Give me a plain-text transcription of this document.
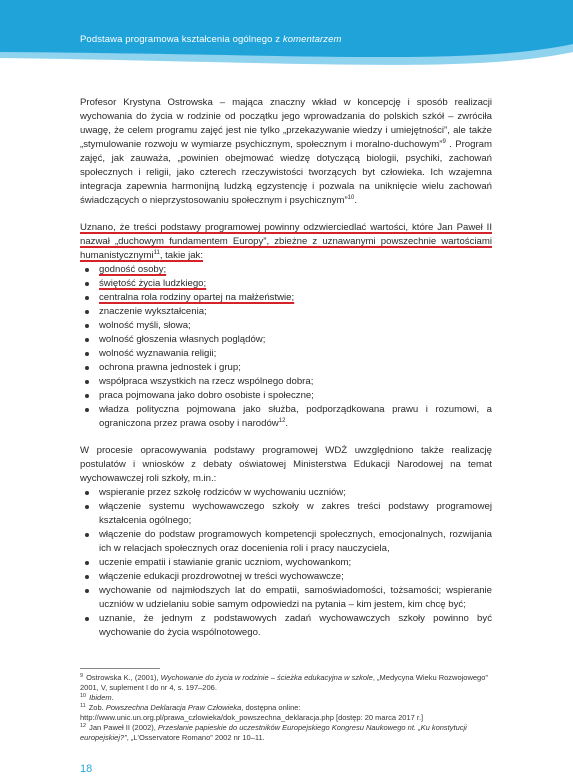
Podstawa programowa kształcenia ogólnego z komentarzem

Profesor Krystyna Ostrowska – mająca znaczny wkład w koncepcję i sposób realizacji wychowania do życia w rodzinie od początku jego wprowadzania do polskich szkół – zwróciła uwagę, że celem programu zajęć jest nie tylko „przekazywanie wiedzy i umiejętności”, ale także „stymulowanie rozwoju w wymiarze psychicznym, społecznym i moralno-duchowym”$^9$ . Program zajęć, jak zauważa, „powinien obejmować wiedzę dotyczącą biologii, psychiki, zachowań społecznych i religii, jako czterech rzeczywistości tworzących byt człowieka. Ich wzajemna integracja zapewnia harmonijną ludzką egzystencję i pozwala na uniknięcie wielu zachowań świadczących o nieprzystosowaniu społecznym i psychicznym”$^{10}$.

Uznano, że treści podstawy programowej powinny odzwierciedlać wartości, które Jan Paweł II nazwał „duchowym fundamentem Europy”, zbieżne z uznawanymi powszechnie wartościami humanistycznymi$^{11}$, takie jak:

godność osoby;
świętość życia ludzkiego;
centralna rola rodziny opartej na małżeństwie;
znaczenie wykształcenia;
wolność myśli, słowa;
wolność głoszenia własnych poglądów;
wolność wyznawania religii;
ochrona prawna jednostek i grup;
współpraca wszystkich na rzecz wspólnego dobra;
praca pojmowana jako dobro osobiste i społeczne;
władza polityczna pojmowana jako służba, podporządkowana prawu i rozumowi, a ograniczona przez prawa osoby i narodów$^{12}$.

W procesie opracowywania podstawy programowej WDŻ uwzględniono także realizację postulatów i wniosków z debaty oświatowej Ministerstwa Edukacji Narodowej na temat wychowawczej roli szkoły, m.in.:

wspieranie przez szkołę rodziców w wychowaniu uczniów;
włączenie systemu wychowawczego szkoły w zakres treści podstawy programowej kształcenia ogólnego;
włączenie do podstaw programowych kompetencji społecznych, emocjonalnych, rozwijania ich w relacjach społecznych oraz docenienia roli i pracy nauczyciela,
uczenie empatii i stawianie granic uczniom, wychowankom;
włączenie edukacji prozdrowotnej w treści wychowawcze;
wychowanie od najmłodszych lat do empatii, samoświadomości, tożsamości; wspieranie uczniów w udzielaniu sobie samym odpowiedzi na pytania – kim jestem, kim chcę być;
uznanie, że jednym z podstawowych zadań wychowawczych szkoły powinno być wychowanie do życia wspólnotowego.
$^9$ Ostrowska K., (2001), Wychowanie do życia w rodzinie – ścieżka edukacyjna w szkole, „Medycyna Wieku Rozwojowego” 2001, V, suplement I do nr 4, s. 197–206.
$^{10}$ Ibidem.
$^{11}$ Zob. Powszechna Deklaracja Praw Człowieka, dostępna online:
http://www.unic.un.org.pl/prawa_czlowieka/dok_powszechna_deklaracja.php [dostęp: 20 marca 2017 r.]
$^{12}$ Jan Paweł II (2002), Przesłanie papieskie do uczestników Europejskiego Kongresu Naukowego nt. „Ku konstytucji europejskiej?”, „L'Osservatore Romano” 2002 nr 10–11.
18
